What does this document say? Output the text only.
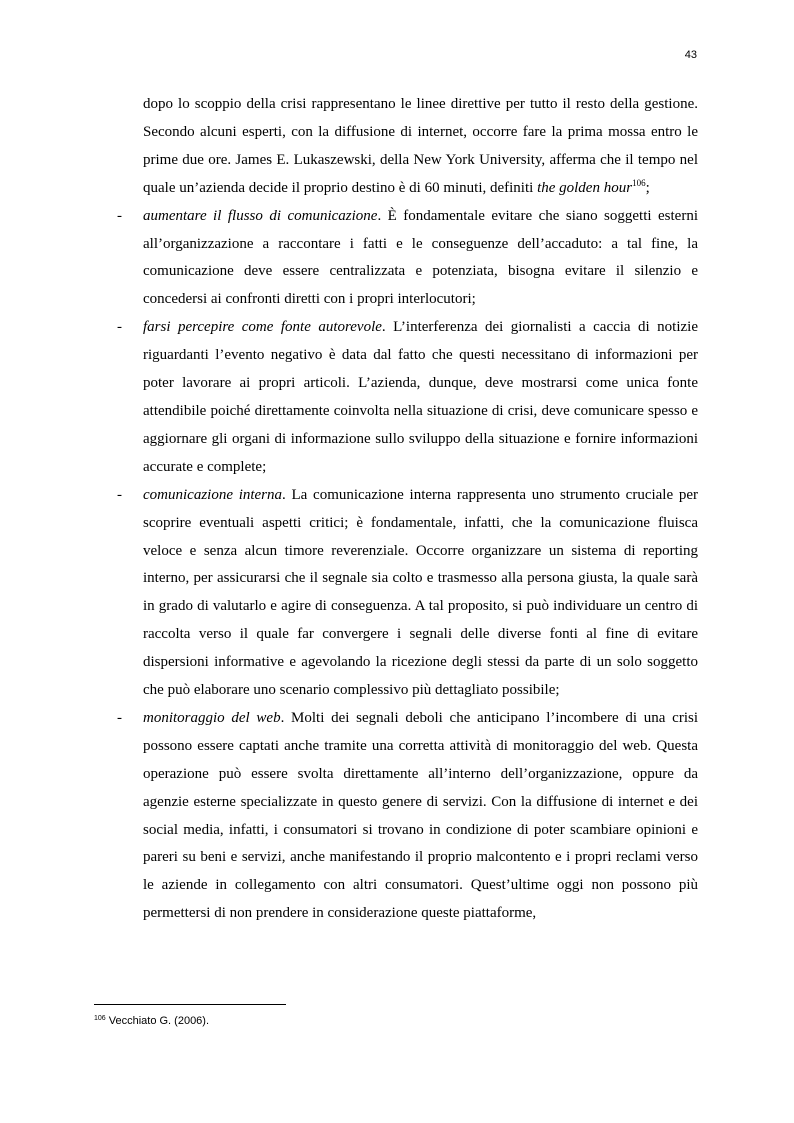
43

dopo lo scoppio della crisi rappresentano le linee direttive per tutto il resto della gestione. Secondo alcuni esperti, con la diffusione di internet, occorre fare la prima mossa entro le prime due ore. James E. Lukaszewski, della New York University, afferma che il tempo nel quale un’azienda decide il proprio destino è di 60 minuti, definiti the golden hour$^{106}$;

- aumentare il flusso di comunicazione. È fondamentale evitare che siano soggetti esterni all’organizzazione a raccontare i fatti e le conseguenze dell’accaduto: a tal fine, la comunicazione deve essere centralizzata e potenziata, bisogna evitare il silenzio e concedersi ai confronti diretti con i propri interlocutori;

- farsi percepire come fonte autorevole. L’interferenza dei giornalisti a caccia di notizie riguardanti l’evento negativo è data dal fatto che questi necessitano di informazioni per poter lavorare ai propri articoli. L’azienda, dunque, deve mostrarsi come unica fonte attendibile poiché direttamente coinvolta nella situazione di crisi, deve comunicare spesso e aggiornare gli organi di informazione sullo sviluppo della situazione e fornire informazioni accurate e complete;

- comunicazione interna. La comunicazione interna rappresenta uno strumento cruciale per scoprire eventuali aspetti critici; è fondamentale, infatti, che la comunicazione fluisca veloce e senza alcun timore reverenziale. Occorre organizzare un sistema di reporting interno, per assicurarsi che il segnale sia colto e trasmesso alla persona giusta, la quale sarà in grado di valutarlo e agire di conseguenza. A tal proposito, si può individuare un centro di raccolta verso il quale far convergere i segnali delle diverse fonti al fine di evitare dispersioni informative e agevolando la ricezione degli stessi da parte di un solo soggetto che può elaborare uno scenario complessivo più dettagliato possibile;

- monitoraggio del web. Molti dei segnali deboli che anticipano l’incombere di una crisi possono essere captati anche tramite una corretta attività di monitoraggio del web. Questa operazione può essere svolta direttamente all’interno dell’organizzazione, oppure da agenzie esterne specializzate in questo genere di servizi. Con la diffusione di internet e dei social media, infatti, i consumatori si trovano in condizione di poter scambiare opinioni e pareri su beni e servizi, anche manifestando il proprio malcontento e i propri reclami verso le aziende in collegamento con altri consumatori. Quest’ultime oggi non possono più permettersi di non prendere in considerazione queste piattaforme,

$^{106}$ Vecchiato G. (2006).
